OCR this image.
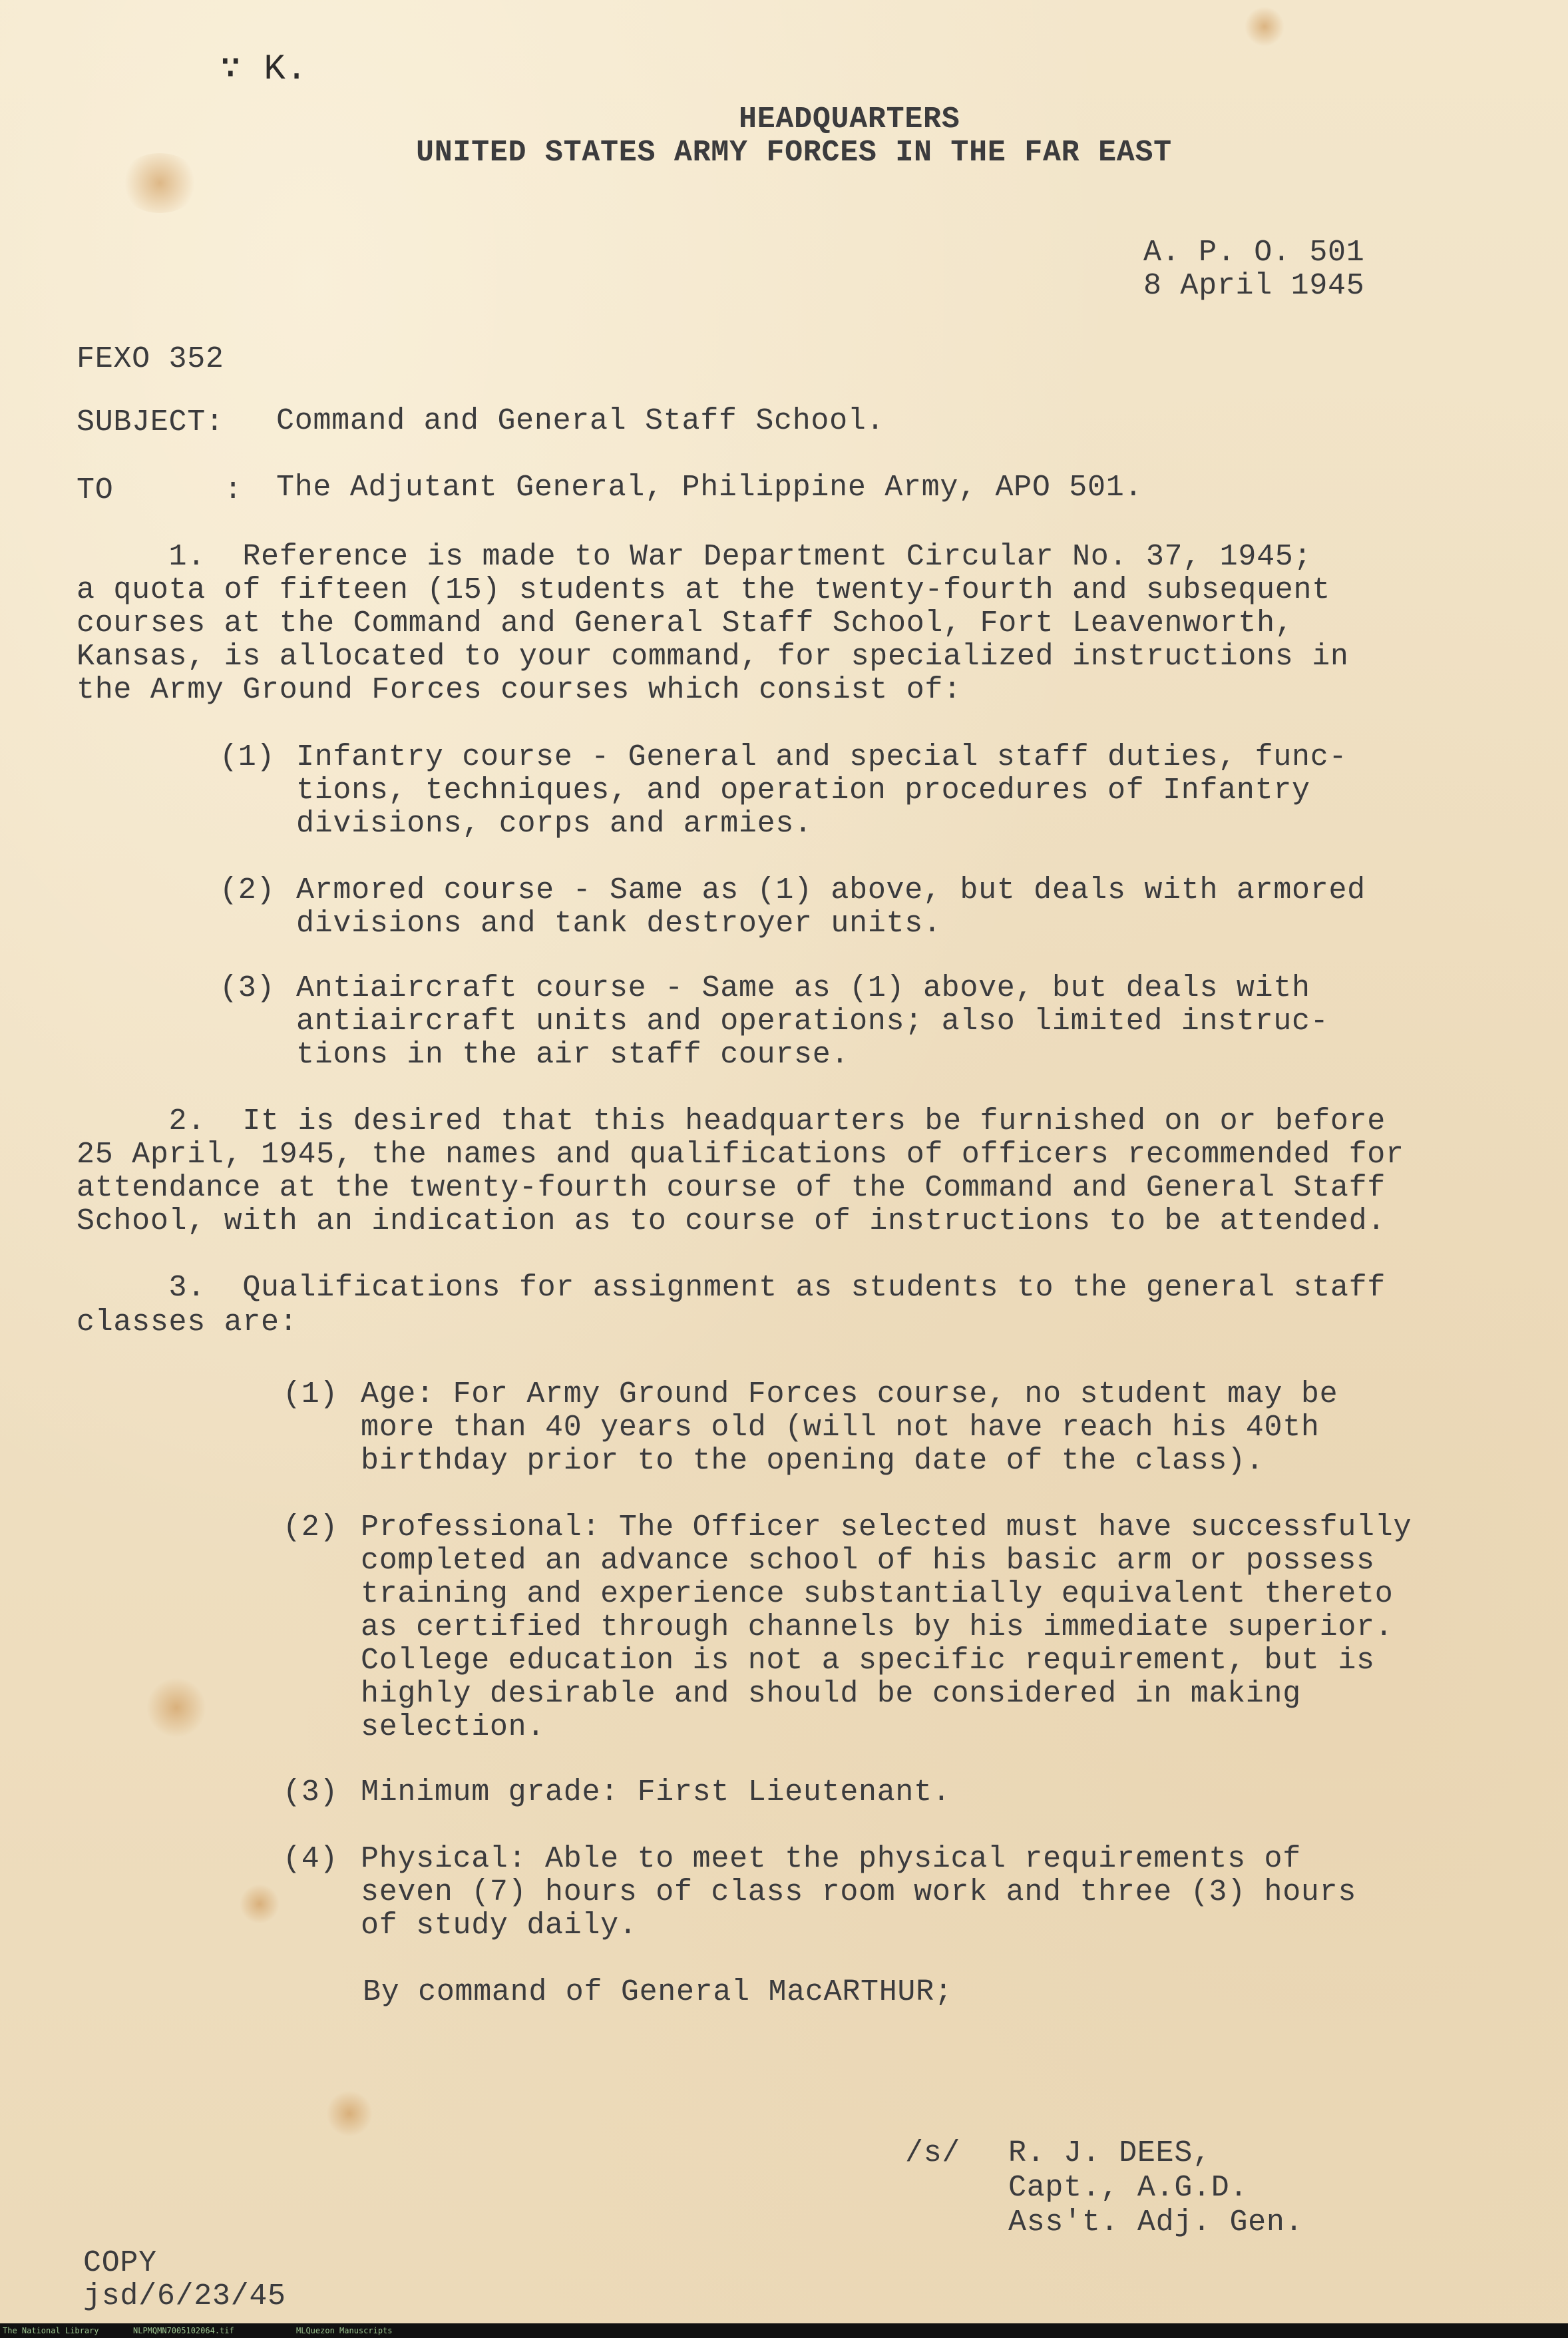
∵ K.

HEADQUARTERS

UNITED STATES ARMY FORCES IN THE FAR EAST

A. P. O. 501

8 April 1945

FEXO 352

SUBJECT: Command and General Staff School.

TO      : The Adjutant General, Philippine Army, APO 501.

1.  Reference is made to War Department Circular No. 37, 1945;

a quota of fifteen (15) students at the twenty-fourth and subsequent

courses at the Command and General Staff School, Fort Leavenworth,

Kansas, is allocated to your command, for specialized instructions in

the Army Ground Forces courses which consist of:

(1) Infantry course - General and special staff duties, func-

tions, techniques, and operation procedures of Infantry

divisions, corps and armies.

(2) Armored course - Same as (1) above, but deals with armored

divisions and tank destroyer units.

(3) Antiaircraft course - Same as (1) above, but deals with

antiaircraft units and operations; also limited instruc-

tions in the air staff course.

2.  It is desired that this headquarters be furnished on or before

25 April, 1945, the names and qualifications of officers recommended for

attendance at the twenty-fourth course of the Command and General Staff

School, with an indication as to course of instructions to be attended.

3.  Qualifications for assignment as students to the general staff

classes are:

(1) Age: For Army Ground Forces course, no student may be

more than 40 years old (will not have reach his 40th

birthday prior to the opening date of the class).

(2) Professional: The Officer selected must have successfully

completed an advance school of his basic arm or possess

training and experience substantially equivalent thereto

as certified through channels by his immediate superior.

College education is not a specific requirement, but is

highly desirable and should be considered in making

selection.

(3) Minimum grade: First Lieutenant.

(4) Physical: Able to meet the physical requirements of

seven (7) hours of class room work and three (3) hours

of study daily.

By command of General MacARTHUR;

/s/ R. J. DEES,

Capt., A.G.D.

Ass't. Adj. Gen.

COPY

jsd/6/23/45

The National Library	NLPMQMN7005102064.tif	MLQuezon Manuscripts
